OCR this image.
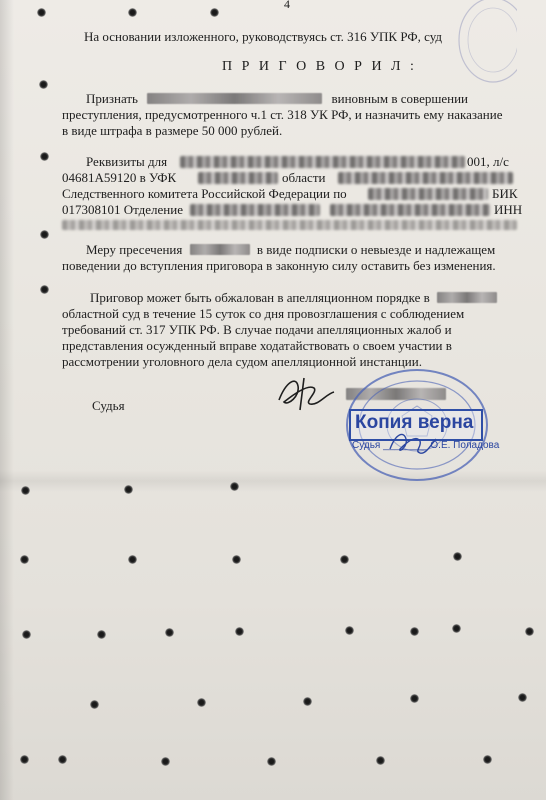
4
На основании изложенного, руководствуясь ст. 316 УПК РФ, суд
П Р И Г О В О Р И Л :
Признать	виновным в совершении
преступления, предусмотренного ч.1 ст. 318 УК РФ, и назначить ему наказание
в виде штрафа в размере 50 000 рублей.
Реквизиты для	001, л/с
04681А59120 в УФК	области
Следственного комитета Российской Федерации по	БИК
017308101 Отделение	ИНН
Меру пресечения	в виде подписки о невыезде и надлежащем
поведении до вступления приговора в законную силу оставить без изменения.
Приговор может быть обжалован в апелляционном порядке в
областной суд в течение 15 суток со дня провозглашения с соблюдением
требований ст. 317 УПК РФ. В случае подачи апелляционных жалоб и
представления осужденный вправе ходатайствовать о своем участии в
рассмотрении уголовного дела судом апелляционной инстанции.
Судья
Копия верна
Судья ________ О.Е. Поладова
